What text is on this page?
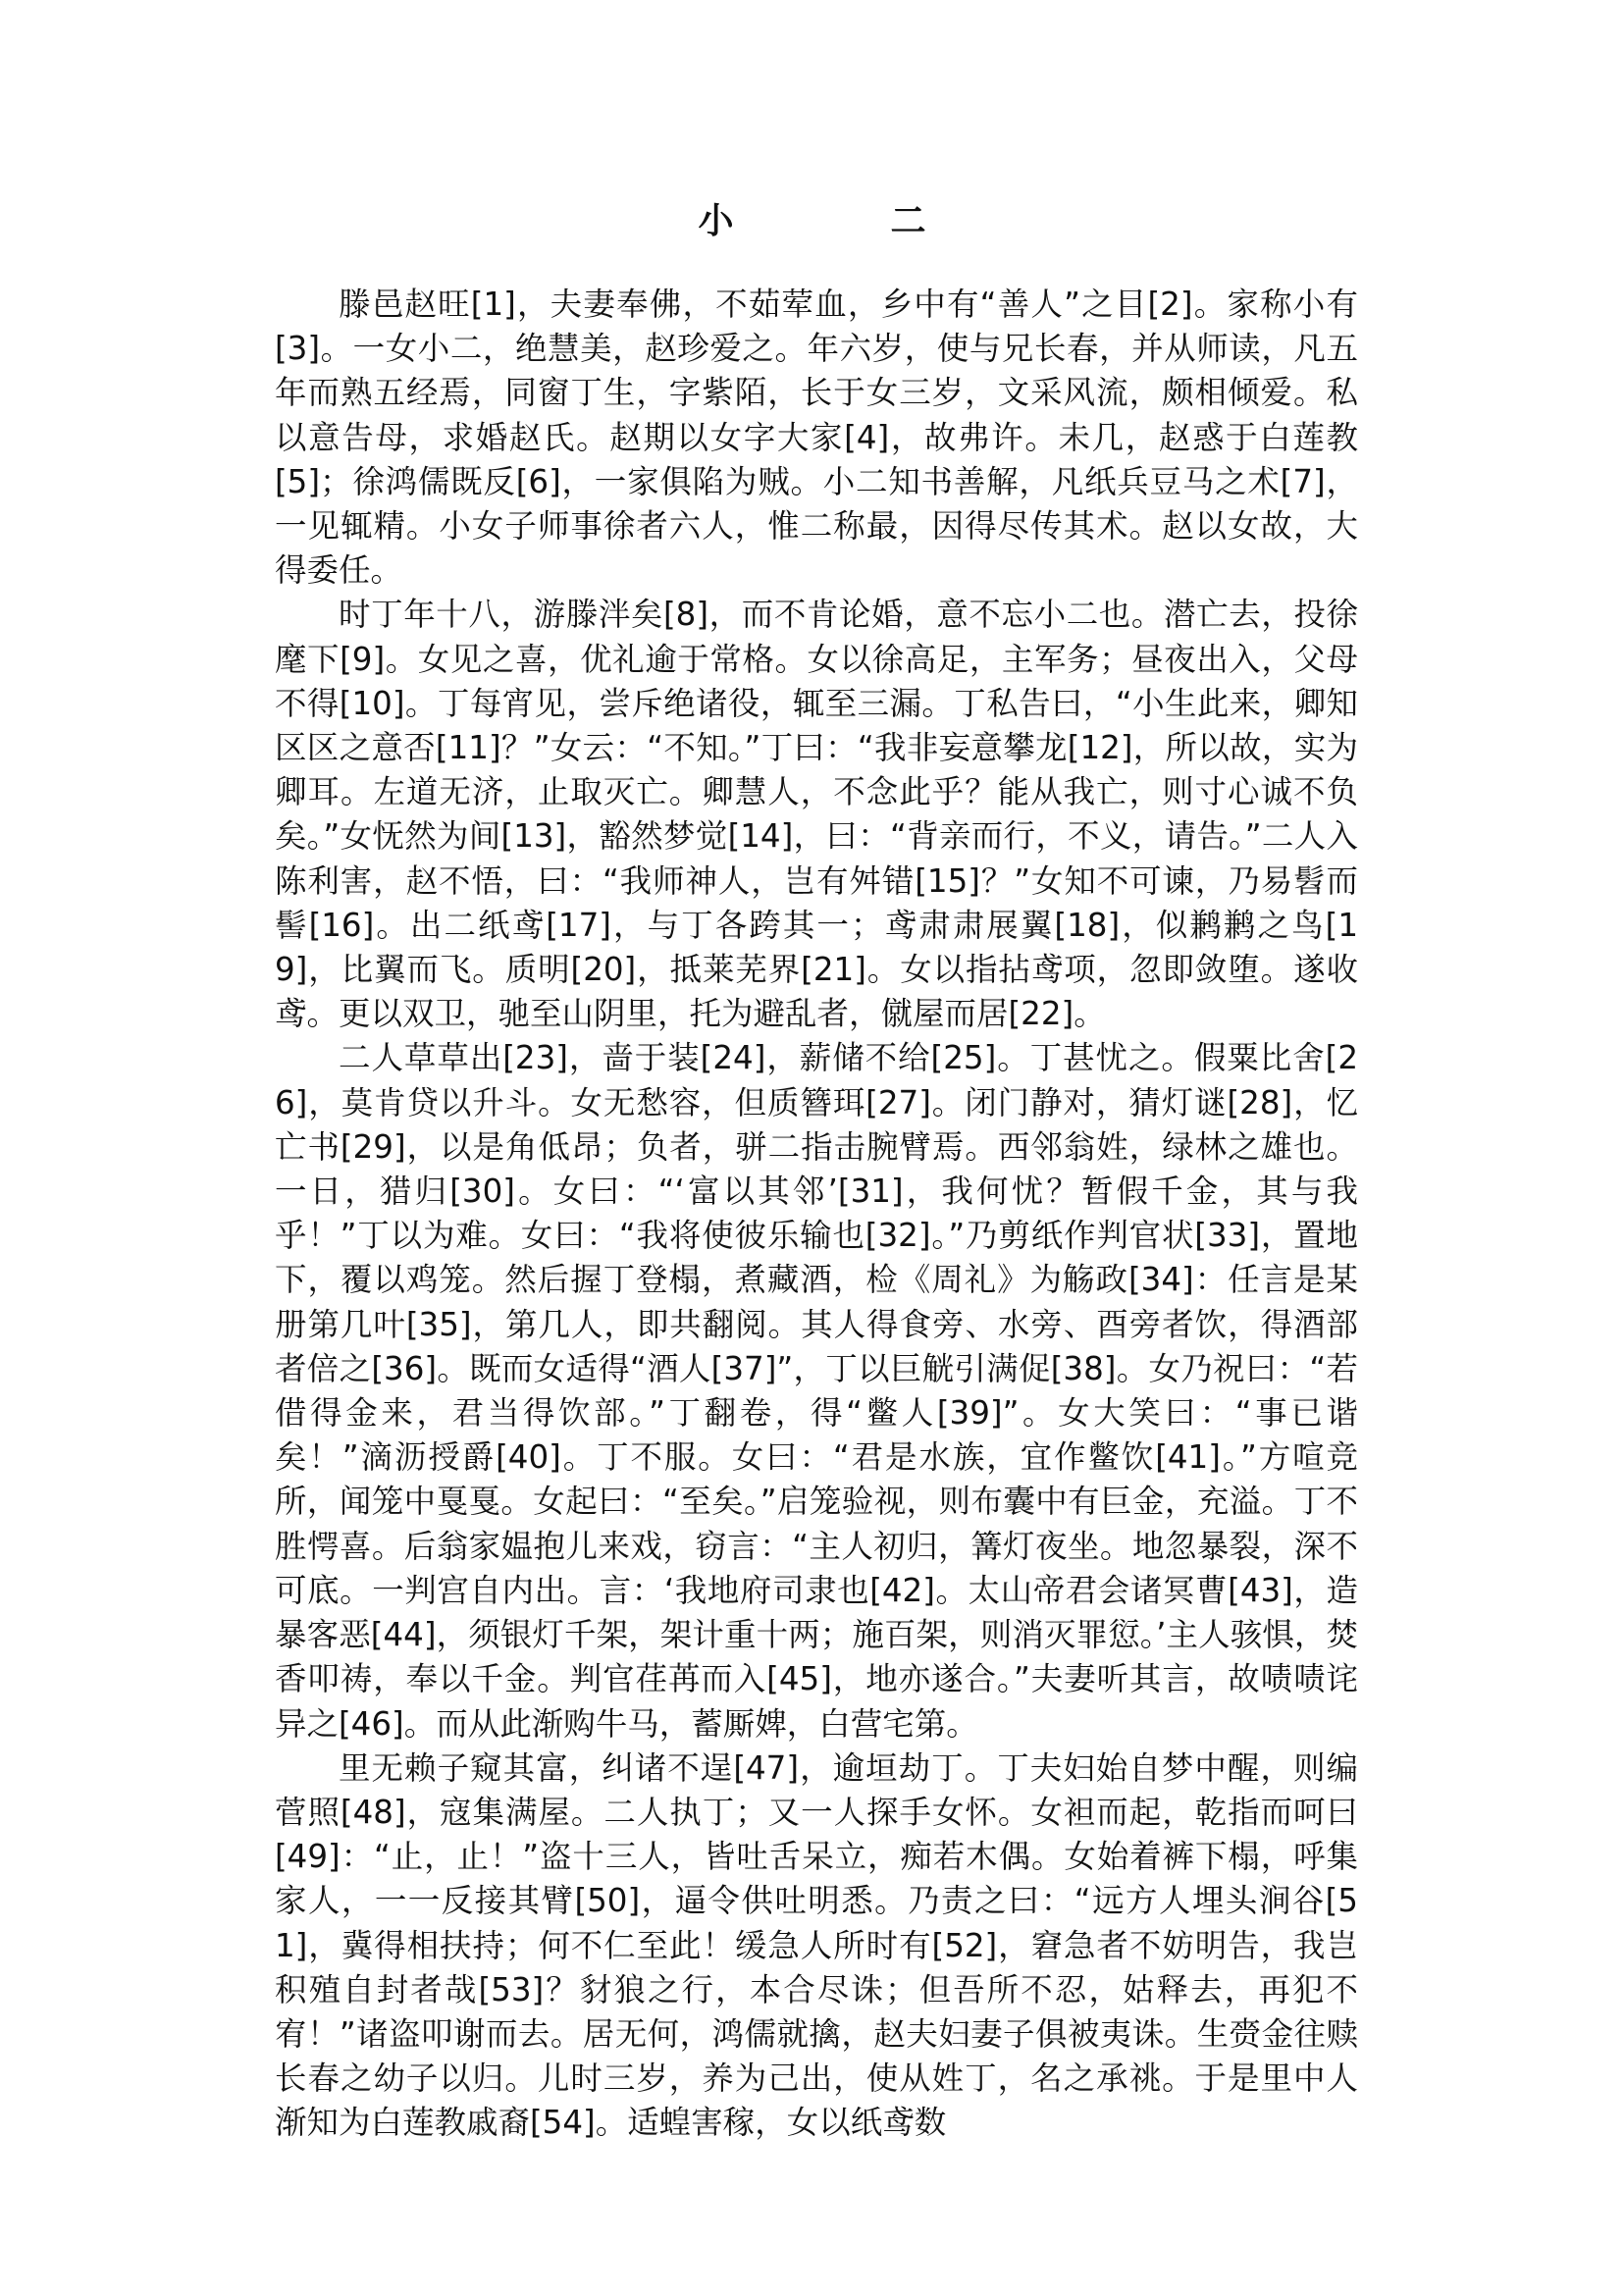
小　二

滕邑赵旺[1]，夫妻奉佛，不茹荤血，乡中有“善人”之目[2]。家称小有[3]。一女小二，绝慧美，赵珍爱之。年六岁，使与兄长春，并从师读，凡五年而熟五经焉，同窗丁生，字紫陌，长于女三岁，文采风流，颇相倾爱。私以意告母，求婚赵氏。赵期以女字大家[4]，故弗许。未几，赵惑于白莲教[5]；徐鸿儒既反[6]，一家俱陷为贼。小二知书善解，凡纸兵豆马之术[7]，一见辄精。小女子师事徐者六人，惟二称最，因得尽传其术。赵以女故，大得委任。

时丁年十八，游滕泮矣[8]，而不肯论婚，意不忘小二也。潜亡去，投徐麾下[9]。女见之喜，优礼逾于常格。女以徐高足，主军务；昼夜出入，父母不得[10]。丁每宵见，尝斥绝诸役，辄至三漏。丁私告曰，“小生此来，卿知区区之意否[11]？”女云：“不知。”丁曰：“我非妄意攀龙[12]，所以故，实为卿耳。左道无济，止取灭亡。卿慧人，不念此乎？能从我亡，则寸心诚不负矣。”女怃然为间[13]，豁然梦觉[14]，曰：“背亲而行，不义，请告。”二人入陈利害，赵不悟，曰：“我师神人，岂有舛错[15]？”女知不可谏，乃易髫而髻[16]。出二纸鸢[17]，与丁各跨其一；鸢肃肃展翼[18]，似鹣鹣之鸟[19]，比翼而飞。质明[20]，抵莱芜界[21]。女以指拈鸢项，忽即敛堕。遂收鸢。更以双卫，驰至山阴里，托为避乱者，僦屋而居[22]。

二人草草出[23]，啬于装[24]，薪储不给[25]。丁甚忧之。假粟比舍[26]，莫肯贷以升斗。女无愁容，但质簪珥[27]。闭门静对，猜灯谜[28]，忆亡书[29]，以是角低昂；负者，骈二指击腕臂焉。西邻翁姓，绿林之雄也。一日，猎归[30]。女曰：“‘富以其邻’[31]，我何忧？暂假千金，其与我乎！”丁以为难。女曰：“我将使彼乐输也[32]。”乃剪纸作判官状[33]，置地下，覆以鸡笼。然后握丁登榻，煮藏酒，检《周礼》为觞政[34]：任言是某册第几叶[35]，第几人，即共翻阅。其人得食旁、水旁、酉旁者饮，得酒部者倍之[36]。既而女适得“酒人[37]”，丁以巨觥引满促[38]。女乃祝曰：“若借得金来，君当得饮部。”丁翻卷，得“鳖人[39]”。女大笑曰：“事已谐矣！”滴沥授爵[40]。丁不服。女曰：“君是水族，宜作鳖饮[41]。”方喧竞所，闻笼中戛戛。女起曰：“至矣。”启笼验视，则布囊中有巨金，充溢。丁不胜愕喜。后翁家媪抱儿来戏，窃言：“主人初归，篝灯夜坐。地忽暴裂，深不可底。一判宫自内出。言：‘我地府司隶也[42]。太山帝君会诸冥曹[43]，造暴客恶[44]，须银灯千架，架计重十两；施百架，则消灭罪愆。’主人骇惧，焚香叩祷，奉以千金。判官荏苒而入[45]，地亦遂合。”夫妻听其言，故啧啧诧异之[46]。而从此渐购牛马，蓄厮婢，白营宅第。

里无赖子窥其富，纠诸不逞[47]，逾垣劫丁。丁夫妇始自梦中醒，则编菅照[48]，寇集满屋。二人执丁；又一人探手女怀。女袒而起，乾指而呵曰[49]：“止，止！”盗十三人，皆吐舌呆立，痴若木偶。女始着裤下榻，呼集家人，一一反接其臂[50]，逼令供吐明悉。乃责之曰：“远方人埋头涧谷[51]，冀得相扶持；何不仁至此！缓急人所时有[52]，窘急者不妨明告，我岂积殖自封者哉[53]？豺狼之行，本合尽诛；但吾所不忍，姑释去，再犯不宥！”诸盗叩谢而去。居无何，鸿儒就擒，赵夫妇妻子俱被夷诛。生赍金往赎长春之幼子以归。儿时三岁，养为己出，使从姓丁，名之承祧。于是里中人渐知为白莲教戚裔[54]。适蝗害稼，女以纸鸢数
